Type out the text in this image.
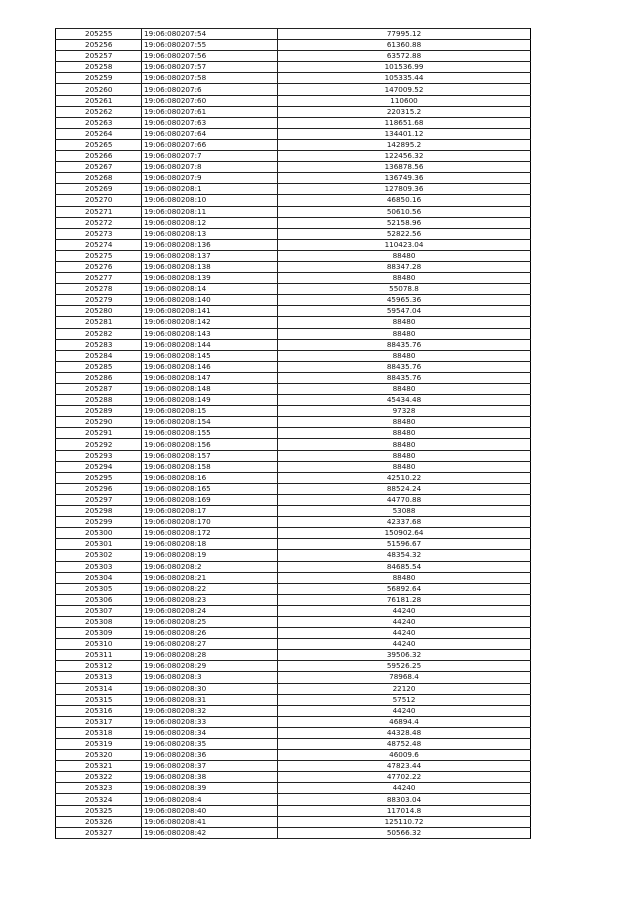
205255	19:06:080207:54	77995.12
205256	19:06:080207:55	61360.88
205257	19:06:080207:56	63572.88
205258	19:06:080207:57	101536.99
205259	19:06:080207:58	105335.44
205260	19:06:080207:6	147009.52
205261	19:06:080207:60	110600
205262	19:06:080207:61	220315.2
205263	19:06:080207:63	118651.68
205264	19:06:080207:64	134401.12
205265	19:06:080207:66	142895.2
205266	19:06:080207:7	122456.32
205267	19:06:080207:8	136878.56
205268	19:06:080207:9	136749.36
205269	19:06:080208:1	127809.36
205270	19:06:080208:10	46850.16
205271	19:06:080208:11	50610.56
205272	19:06:080208:12	52158.96
205273	19:06:080208:13	52822.56
205274	19:06:080208:136	110423.04
205275	19:06:080208:137	88480
205276	19:06:080208:138	88347.28
205277	19:06:080208:139	88480
205278	19:06:080208:14	55078.8
205279	19:06:080208:140	45965.36
205280	19:06:080208:141	59547.04
205281	19:06:080208:142	88480
205282	19:06:080208:143	88480
205283	19:06:080208:144	88435.76
205284	19:06:080208:145	88480
205285	19:06:080208:146	88435.76
205286	19:06:080208:147	88435.76
205287	19:06:080208:148	88480
205288	19:06:080208:149	45434.48
205289	19:06:080208:15	97328
205290	19:06:080208:154	88480
205291	19:06:080208:155	88480
205292	19:06:080208:156	88480
205293	19:06:080208:157	88480
205294	19:06:080208:158	88480
205295	19:06:080208:16	42510.22
205296	19:06:080208:165	88524.24
205297	19:06:080208:169	44770.88
205298	19:06:080208:17	53088
205299	19:06:080208:170	42337.68
205300	19:06:080208:172	150902.64
205301	19:06:080208:18	51596.67
205302	19:06:080208:19	48354.32
205303	19:06:080208:2	84685.54
205304	19:06:080208:21	88480
205305	19:06:080208:22	56892.64
205306	19:06:080208:23	76181.28
205307	19:06:080208:24	44240
205308	19:06:080208:25	44240
205309	19:06:080208:26	44240
205310	19:06:080208:27	44240
205311	19:06:080208:28	39506.32
205312	19:06:080208:29	59526.25
205313	19:06:080208:3	78968.4
205314	19:06:080208:30	22120
205315	19:06:080208:31	57512
205316	19:06:080208:32	44240
205317	19:06:080208:33	46894.4
205318	19:06:080208:34	44328.48
205319	19:06:080208:35	48752.48
205320	19:06:080208:36	46009.6
205321	19:06:080208:37	47823.44
205322	19:06:080208:38	47702.22
205323	19:06:080208:39	44240
205324	19:06:080208:4	88303.04
205325	19:06:080208:40	117014.8
205326	19:06:080208:41	125110.72
205327	19:06:080208:42	50566.32
